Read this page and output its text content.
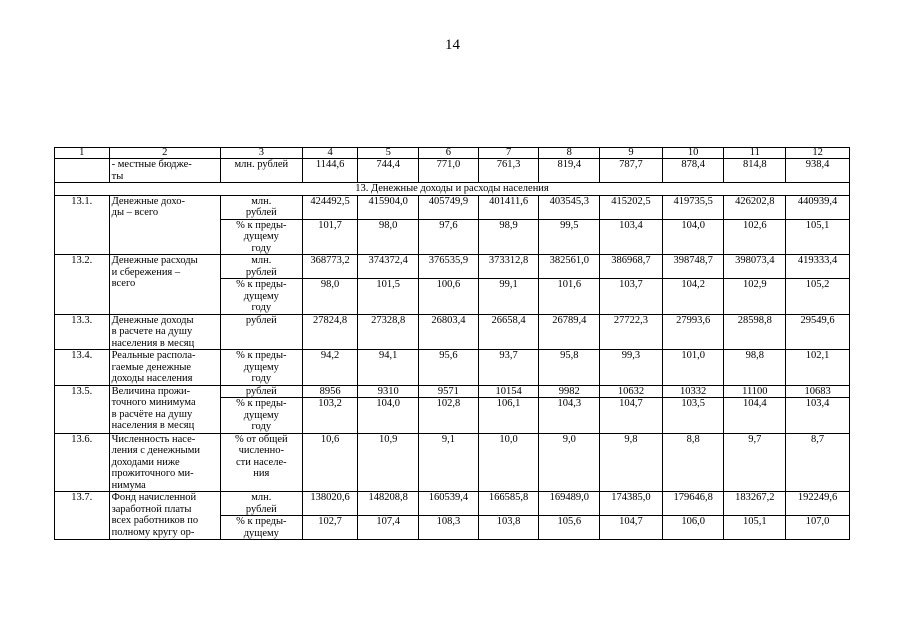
14
1	2	3	4	5	6	7	8	9	10	11	12
	- местные бюдже-
ты	млн. рублей	1144,6	744,4	771,0	761,3	819,4	787,7	878,4	814,8	938,4
13. Денежные доходы и расходы населения											
13.1.	Денежные дохо-
ды – всего	млн.
рублей	424492,5	415904,0	405749,9	401411,6	403545,3	415202,5	419735,5	426202,8	440939,4
		% к преды-
дущему
году	101,7	98,0	97,6	98,9	99,5	103,4	104,0	102,6	105,1
13.2.	Денежные расходы
и сбережения –
всего	млн.
рублей	368773,2	374372,4	376535,9	373312,8	382561,0	386968,7	398748,7	398073,4	419333,4
		% к преды-
дущему
году	98,0	101,5	100,6	99,1	101,6	103,7	104,2	102,9	105,2
13.3.	Денежные доходы
в расчете на душу
населения в месяц	рублей	27824,8	27328,8	26803,4	26658,4	26789,4	27722,3	27993,6	28598,8	29549,6
13.4.	Реальные распола-
гаемые денежные
доходы населения	% к преды-
дущему
году	94,2	94,1	95,6	93,7	95,8	99,3	101,0	98,8	102,1
13.5.	Величина прожи-
точного минимума
в расчёте на душу
населения в месяц	рублей	8956	9310	9571	10154	9982	10632	10332	11100	10683
		% к преды-
дущему
году	103,2	104,0	102,8	106,1	104,3	104,7	103,5	104,4	103,4
13.6.	Численность насе-
ления с денежными
доходами ниже
прожиточного ми-
нимума	% от общей
численно-
сти населе-
ния	10,6	10,9	9,1	10,0	9,0	9,8	8,8	9,7	8,7
13.7.	Фонд начисленной
заработной платы
всех работников по
полному кругу ор-	млн.
рублей	138020,6	148208,8	160539,4	166585,8	169489,0	174385,0	179646,8	183267,2	192249,6
		% к преды-
дущему	102,7	107,4	108,3	103,8	105,6	104,7	106,0	105,1	107,0
